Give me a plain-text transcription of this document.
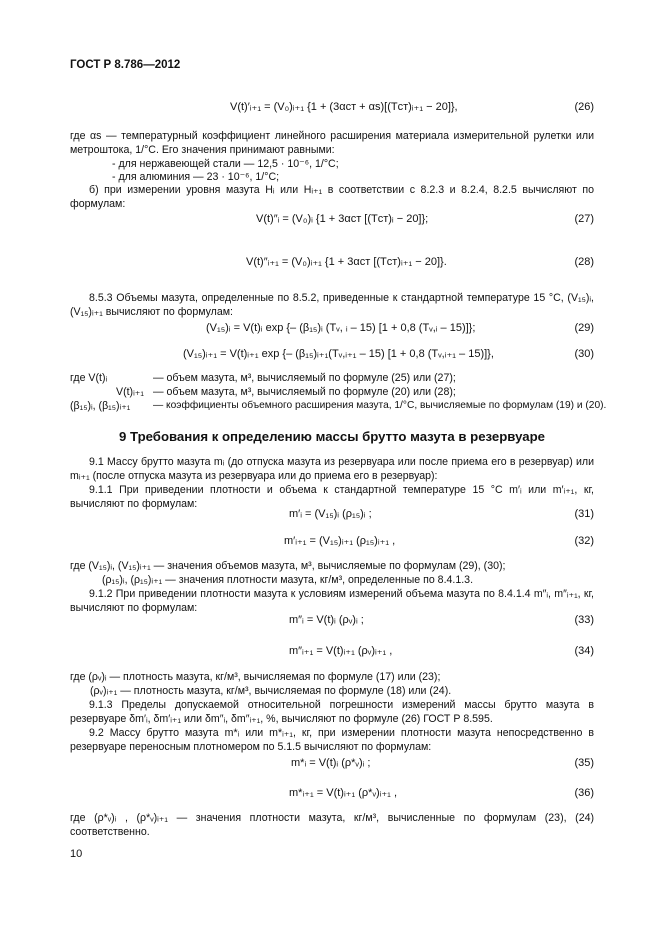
ГОСТ Р 8.786—2012
V(t)′ᵢ₊₁ = (V₀)ᵢ₊₁ {1 + (3αст + αs)[(Tст)ᵢ₊₁ − 20]},	(26)
где αs — температурный коэффициент линейного расширения материала измерительной рулетки или метроштока, 1/°С. Его значения принимают равными:
- для нержавеющей стали — 12,5 · 10⁻⁶, 1/°С;
- для алюминия — 23 · 10⁻⁶, 1/°С;
б) при измерении уровня мазута Hᵢ или Hᵢ₊₁ в соответствии с 8.2.3 и 8.2.4, 8.2.5 вычисляют по формулам:
V(t)″ᵢ = (V₀)ᵢ {1 + 3αст [(Tст)ᵢ − 20]};	(27)
V(t)″ᵢ₊₁ = (V₀)ᵢ₊₁ {1 + 3αст [(Tст)ᵢ₊₁ − 20]}.	(28)
8.5.3 Объемы мазута, определенные по 8.5.2, приведенные к стандартной температуре 15 °С, (V₁₅)ᵢ, (V₁₅)ᵢ₊₁ вычисляют по формулам:
(V₁₅)ᵢ = V(t)ᵢ exp {– (β₁₅)ᵢ (Tᵥ, ᵢ – 15) [1 + 0,8 (Tᵥ,ᵢ – 15)]};	(29)
(V₁₅)ᵢ₊₁ = V(t)ᵢ₊₁ exp {– (β₁₅)ᵢ₊₁(Tᵥ,ᵢ₊₁ – 15) [1 + 0,8 (Tᵥ,ᵢ₊₁ – 15)]},	(30)
где V(t)ᵢ	— объем мазута, м³, вычисляемый по формуле (25) или (27);
V(t)ᵢ₊₁ — объем мазута, м³, вычисляемый по формуле (20) или (28);
(β₁₅)ᵢ, (β₁₅)ᵢ₊₁ — коэффициенты объемного расширения мазута, 1/°С, вычисляемые по формулам (19) и (20).
9 Требования к определению массы брутто мазута в резервуаре
9.1 Массу брутто мазута mᵢ (до отпуска мазута из резервуара или после приема его в резервуар) или mᵢ₊₁ (после отпуска мазута из резервуара или до приема его в резервуар):
9.1.1 При приведении плотности и объема к стандартной температуре 15 °С m′ᵢ или m′ᵢ₊₁, кг, вычисляют по формулам:
m′ᵢ = (V₁₅)ᵢ (ρ₁₅)ᵢ ;	(31)
m′ᵢ₊₁ = (V₁₅)ᵢ₊₁ (ρ₁₅)ᵢ₊₁ ,	(32)
где (V₁₅)ᵢ, (V₁₅)ᵢ₊₁ — значения объемов мазута, м³, вычисляемые по формулам (29), (30);
(ρ₁₅)ᵢ, (ρ₁₅)ᵢ₊₁ — значения плотности мазута, кг/м³, определенные по 8.4.1.3.
9.1.2 При приведении плотности мазута к условиям измерений объема мазута по 8.4.1.4 m″ᵢ, m″ᵢ₊₁, кг, вычисляют по формулам:
m″ᵢ = V(t)ᵢ (ρᵥ)ᵢ ;	(33)
m″ᵢ₊₁ = V(t)ᵢ₊₁ (ρᵥ)ᵢ₊₁ ,	(34)
где (ρᵥ)ᵢ — плотность мазута, кг/м³, вычисляемая по формуле (17) или (23);
(ρᵥ)ᵢ₊₁ — плотность мазута, кг/м³, вычисляемая по формуле (18) или (24).
9.1.3 Пределы допускаемой относительной погрешности измерений массы брутто мазута в резервуаре δm′ᵢ, δm′ᵢ₊₁ или δm″ᵢ, δm″ᵢ₊₁, %, вычисляют по формуле (26) ГОСТ Р 8.595.
9.2 Массу брутто мазута m*ᵢ или m*ᵢ₊₁, кг, при измерении плотности мазута непосредственно в резервуаре переносным плотномером по 5.1.5 вычисляют по формулам:
m*ᵢ = V(t)ᵢ (ρ*ᵥ)ᵢ ;	(35)
m*ᵢ₊₁ = V(t)ᵢ₊₁ (ρ*ᵥ)ᵢ₊₁ ,	(36)
где (ρ*ᵥ)ᵢ , (ρ*ᵥ)ᵢ₊₁ — значения плотности мазута, кг/м³, вычисленные по формулам (23), (24) соответственно.
10
